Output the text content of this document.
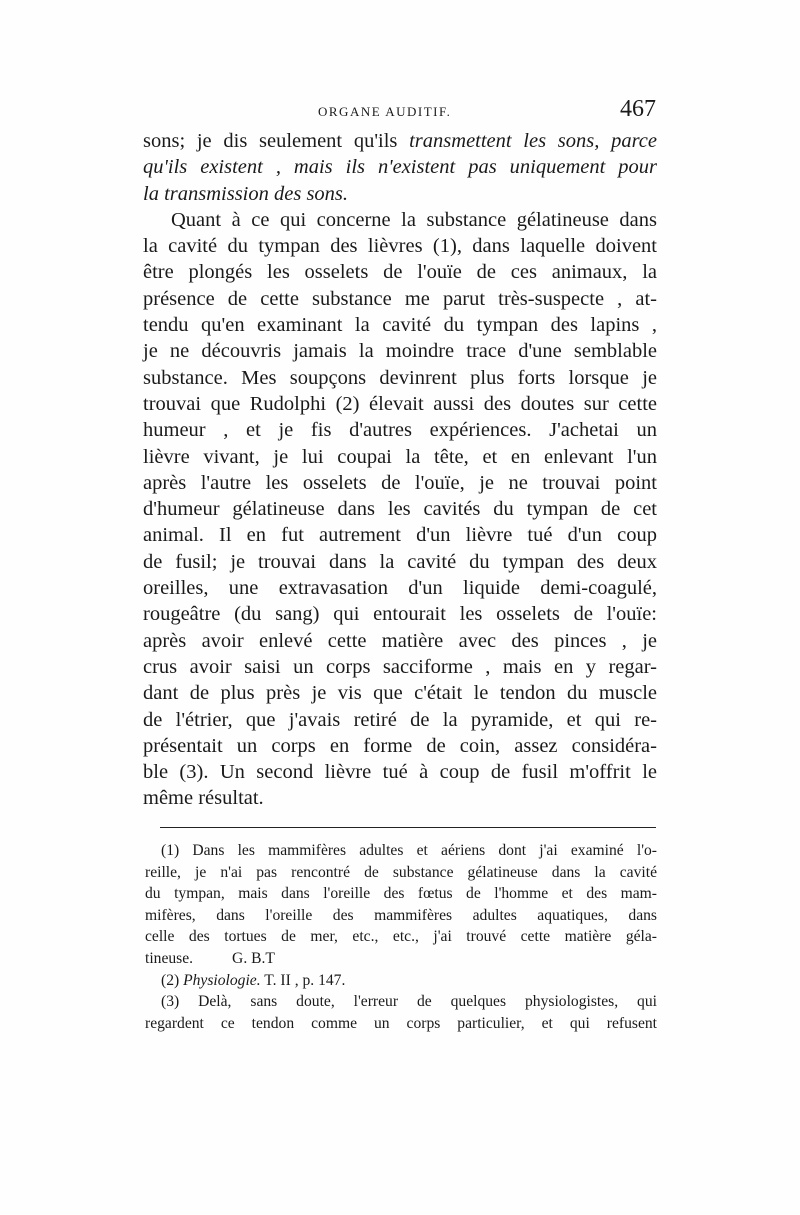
ORGANE AUDITIF.	467
sons; je dis seulement qu'ils transmettent les sons, parce
qu'ils existent , mais ils n'existent pas uniquement pour
la transmission des sons.
Quant à ce qui concerne la substance gélatineuse dans
la cavité du tympan des lièvres (1), dans laquelle doivent
être plongés les osselets de l'ouïe de ces animaux, la
présence de cette substance me parut très-suspecte , at-
tendu qu'en examinant la cavité du tympan des lapins ,
je ne découvris jamais la moindre trace d'une semblable
substance. Mes soupçons devinrent plus forts lorsque je
trouvai que Rudolphi (2) élevait aussi des doutes sur cette
humeur , et je fis d'autres expériences. J'achetai un
lièvre vivant, je lui coupai la tête, et en enlevant l'un
après l'autre les osselets de l'ouïe, je ne trouvai point
d'humeur gélatineuse dans les cavités du tympan de cet
animal. Il en fut autrement d'un lièvre tué d'un coup
de fusil; je trouvai dans la cavité du tympan des deux
oreilles, une extravasation d'un liquide demi-coagulé,
rougeâtre (du sang) qui entourait les osselets de l'ouïe:
après avoir enlevé cette matière avec des pinces , je
crus avoir saisi un corps sacciforme , mais en y regar-
dant de plus près je vis que c'était le tendon du muscle
de l'étrier, que j'avais retiré de la pyramide, et qui re-
présentait un corps en forme de coin, assez considéra-
ble (3). Un second lièvre tué à coup de fusil m'offrit le
même résultat.
(1) Dans les mammifères adultes et aériens dont j'ai examiné l'o-
reille, je n'ai pas rencontré de substance gélatineuse dans la cavité
du tympan, mais dans l'oreille des fœtus de l'homme et des mam-
mifères, dans l'oreille des mammifères adultes aquatiques, dans
celle des tortues de mer, etc., etc., j'ai trouvé cette matière géla-
tineuse.          G. B.T
(2) Physiologie. T. II , p. 147.
(3) Delà, sans doute, l'erreur de quelques physiologistes, qui
regardent ce tendon comme un corps particulier, et qui refusent
